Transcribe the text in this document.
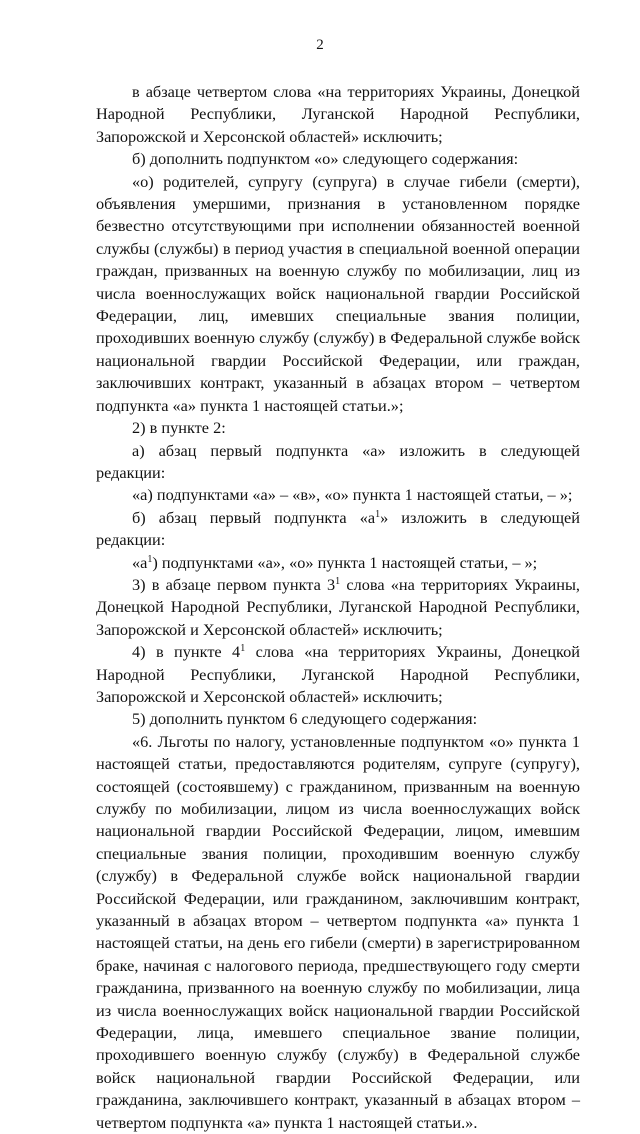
2

в абзаце четвертом слова «на территориях Украины, Донецкой Народной Республики, Луганской Народной Республики, Запорожской и Херсонской областей» исключить;

б) дополнить подпунктом «о» следующего содержания:

«о) родителей, супругу (супруга) в случае гибели (смерти), объявления умершими, признания в установленном порядке безвестно отсутствующими при исполнении обязанностей военной службы (службы) в период участия в специальной военной операции граждан, призванных на военную службу по мобилизации, лиц из числа военнослужащих войск национальной гвардии Российской Федерации, лиц, имевших специальные звания полиции, проходивших военную службу (службу) в Федеральной службе войск национальной гвардии Российской Федерации, или граждан, заключивших контракт, указанный в абзацах втором – четвертом подпункта «а» пункта 1 настоящей статьи.»;

2) в пункте 2:

а) абзац первый подпункта «а» изложить в следующей редакции:

«а) подпунктами «а» – «в», «о» пункта 1 настоящей статьи, – »;

б) абзац первый подпункта «$а^1$» изложить в следующей редакции:

«$а^1$) подпунктами «а», «о» пункта 1 настоящей статьи, – »;

3) в абзаце первом пункта $3^1$ слова «на территориях Украины, Донецкой Народной Республики, Луганской Народной Республики, Запорожской и Херсонской областей» исключить;

4) в пункте $4^1$ слова «на территориях Украины, Донецкой Народной Республики, Луганской Народной Республики, Запорожской и Херсонской областей» исключить;

5) дополнить пунктом 6 следующего содержания:

«6. Льготы по налогу, установленные подпунктом «о» пункта 1 настоящей статьи, предоставляются родителям, супруге (супругу), состоящей (состоявшему) с гражданином, призванным на военную службу по мобилизации, лицом из числа военнослужащих войск национальной гвардии Российской Федерации, лицом, имевшим специальные звания полиции, проходившим военную службу (службу) в Федеральной службе войск национальной гвардии Российской Федерации, или гражданином, заключившим контракт, указанный в абзацах втором – четвертом подпункта «а» пункта 1 настоящей статьи, на день его гибели (смерти) в зарегистрированном браке, начиная с налогового периода, предшествующего году смерти гражданина, призванного на военную службу по мобилизации, лица из числа военнослужащих войск национальной гвардии Российской Федерации, лица, имевшего специальное звание полиции, проходившего военную службу (службу) в Федеральной службе войск национальной гвардии Российской Федерации, или гражданина, заключившего контракт, указанный в абзацах втором – четвертом подпункта «а» пункта 1 настоящей статьи.».
